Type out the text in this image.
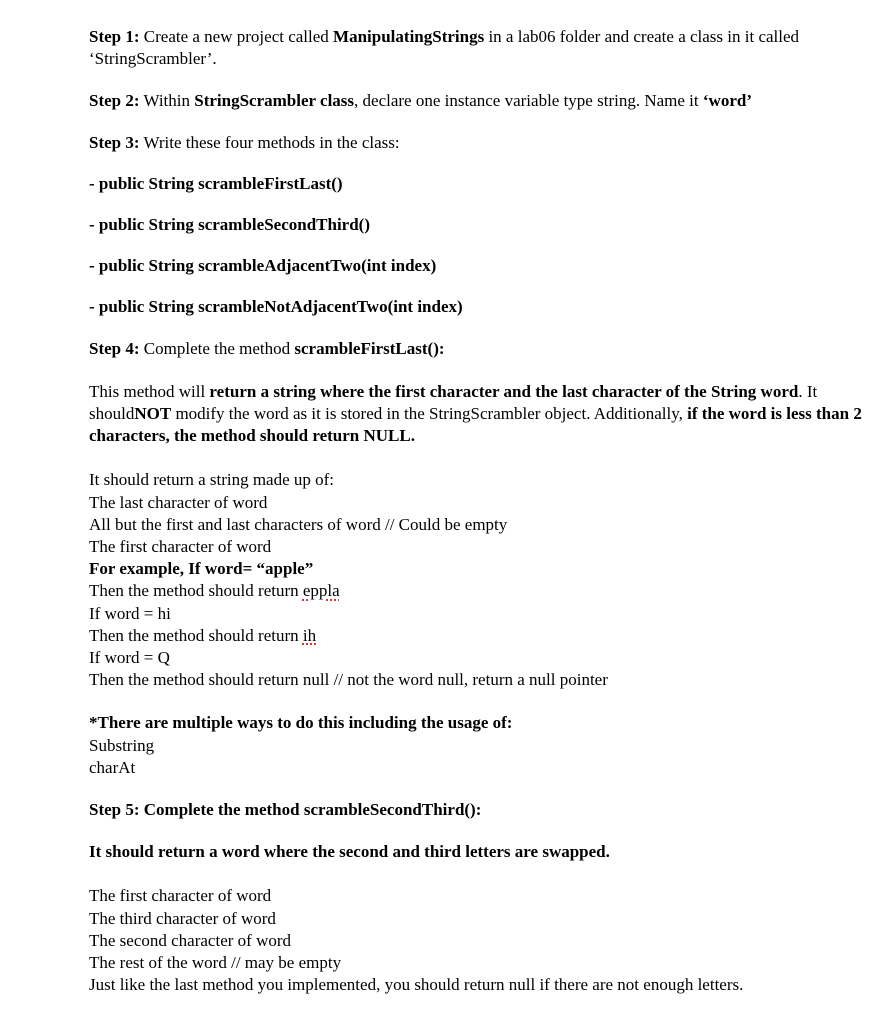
Step 1: Create a new project called ManipulatingStrings in a lab06 folder and create a class in it called ‘StringScrambler’.

Step 2: Within StringScrambler class, declare one instance variable type string. Name it ‘word’

Step 3: Write these four methods in the class:

- public String scrambleFirstLast()

- public String scrambleSecondThird()

- public String scrambleAdjacentTwo(int index)

- public String scrambleNotAdjacentTwo(int index)

Step 4: Complete the method scrambleFirstLast():

This method will return a string where the first character and the last character of the String word. It shouldNOT modify the word as it is stored in the StringScrambler object. Additionally, if the word is less than 2 characters, the method should return NULL.

It should return a string made up of:

The last character of word

All but the first and last characters of word // Could be empty

The first character of word

For example, If word= “apple”

Then the method should return eppla

If word = hi

Then the method should return ih

If word = Q

Then the method should return null // not the word null, return a null pointer

*There are multiple ways to do this including the usage of:

Substring

charAt

Step 5: Complete the method scrambleSecondThird():

It should return a word where the second and third letters are swapped.

The first character of word

The third character of word

The second character of word

The rest of the word // may be empty

Just like the last method you implemented, you should return null if there are not enough letters.
